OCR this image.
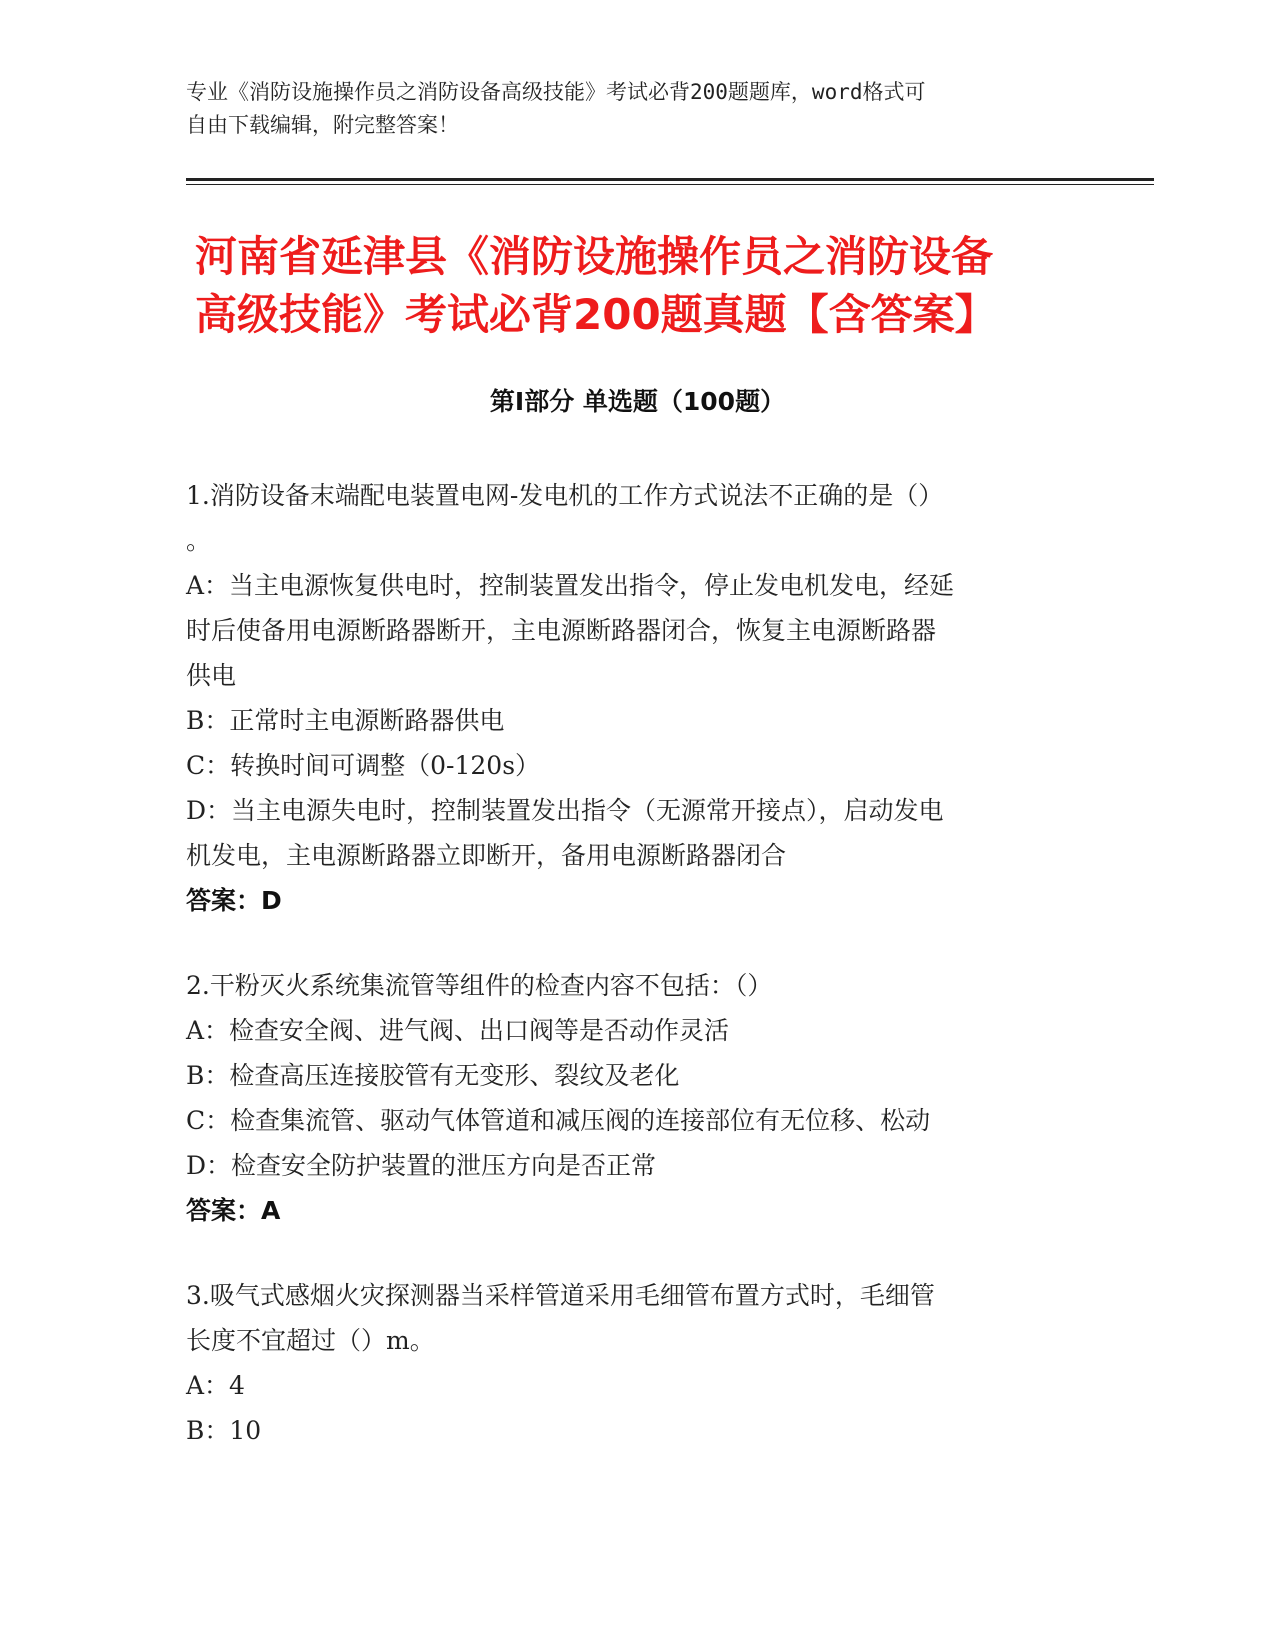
专业《消防设施操作员之消防设备高级技能》考试必背200题题库，word格式可
自由下载编辑，附完整答案！
河南省延津县《消防设施操作员之消防设备
高级技能》考试必背200题真题【含答案】
第Ⅰ部分 单选题（100题）

1.消防设备末端配电装置电网-发电机的工作方式说法不正确的是（）

。

A：当主电源恢复供电时，控制装置发出指令，停止发电机发电，经延

时后使备用电源断路器断开，主电源断路器闭合，恢复主电源断路器

供电

B：正常时主电源断路器供电

C：转换时间可调整（0-120s）

D：当主电源失电时，控制装置发出指令（无源常开接点），启动发电

机发电，主电源断路器立即断开，备用电源断路器闭合

答案：D

2.干粉灭火系统集流管等组件的检查内容不包括：（）

A：检查安全阀、进气阀、出口阀等是否动作灵活

B：检查高压连接胶管有无变形、裂纹及老化

C：检查集流管、驱动气体管道和减压阀的连接部位有无位移、松动

D：检查安全防护装置的泄压方向是否正常

答案：A

3.吸气式感烟火灾探测器当采样管道采用毛细管布置方式时，毛细管

长度不宜超过（）m。

A：4

B：10
